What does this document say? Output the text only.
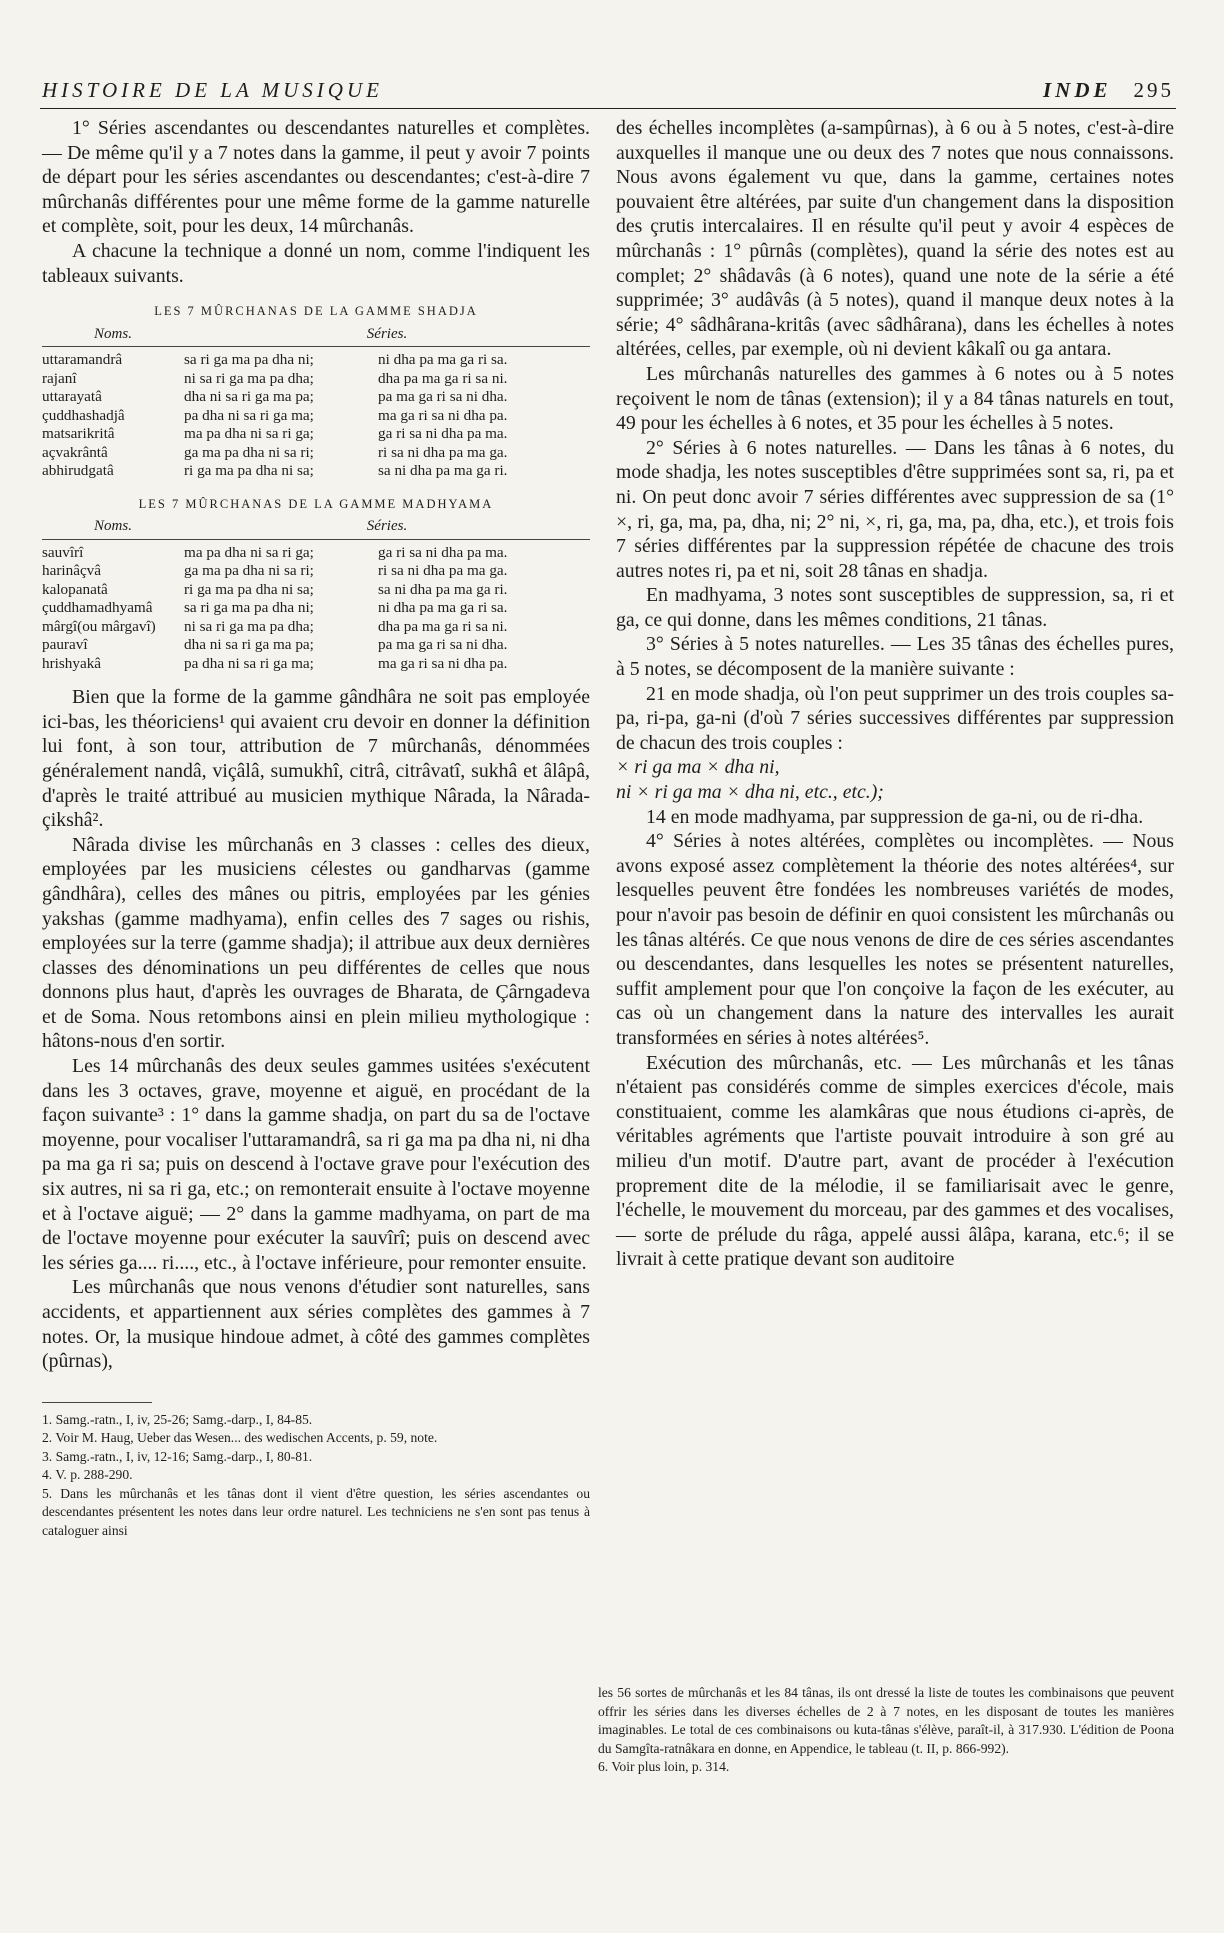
HISTOIRE DE LA MUSIQUE	INDE 295

1° Séries ascendantes ou descendantes naturelles et complètes. — De même qu'il y a 7 notes dans la gamme, il peut y avoir 7 points de départ pour les séries ascendantes ou descendantes; c'est-à-dire 7 mûrchanâs différentes pour une même forme de la gamme naturelle et complète, soit, pour les deux, 14 mûrchanâs.

A chacune la technique a donné un nom, comme l'indiquent les tableaux suivants.

LES 7 MÛRCHANAS DE LA GAMME SHADJA
Noms.	Séries.
uttaramandrâ	sa ri ga ma pa dha ni;	ni dha pa ma ga ri sa.
rajanî	ni sa ri ga ma pa dha;	dha pa ma ga ri sa ni.
uttarayatâ	dha ni sa ri ga ma pa;	pa ma ga ri sa ni dha.
çuddhashadjâ	pa dha ni sa ri ga ma;	ma ga ri sa ni dha pa.
matsarikritâ	ma pa dha ni sa ri ga;	ga ri sa ni dha pa ma.
açvakrântâ	ga ma pa dha ni sa ri;	ri sa ni dha pa ma ga.
abhirudgatâ	ri ga ma pa dha ni sa;	sa ni dha pa ma ga ri.
LES 7 MÛRCHANAS DE LA GAMME MADHYAMA
Noms.	Séries.
sauvîrî	ma pa dha ni sa ri ga;	ga ri sa ni dha pa ma.
harinâçvâ	ga ma pa dha ni sa ri;	ri sa ni dha pa ma ga.
kalopanatâ	ri ga ma pa dha ni sa;	sa ni dha pa ma ga ri.
çuddhamadhyamâ	sa ri ga ma pa dha ni;	ni dha pa ma ga ri sa.
mârgî(ou mârgavî)	ni sa ri ga ma pa dha;	dha pa ma ga ri sa ni.
pauravî	dha ni sa ri ga ma pa;	pa ma ga ri sa ni dha.
hrishyakâ	pa dha ni sa ri ga ma;	ma ga ri sa ni dha pa.

Bien que la forme de la gamme gândhâra ne soit pas employée ici-bas, les théoriciens¹ qui avaient cru devoir en donner la définition lui font, à son tour, attribution de 7 mûrchanâs, dénommées généralement nandâ, viçâlâ, sumukhî, citrâ, citrâvatî, sukhâ et âlâpâ, d'après le traité attribué au musicien mythique Nârada, la Nârada-çikshâ².

Nârada divise les mûrchanâs en 3 classes : celles des dieux, employées par les musiciens célestes ou gandharvas (gamme gândhâra), celles des mânes ou pitris, employées par les génies yakshas (gamme madhyama), enfin celles des 7 sages ou rishis, employées sur la terre (gamme shadja); il attribue aux deux dernières classes des dénominations un peu différentes de celles que nous donnons plus haut, d'après les ouvrages de Bharata, de Çârngadeva et de Soma. Nous retombons ainsi en plein milieu mythologique : hâtons-nous d'en sortir.

Les 14 mûrchanâs des deux seules gammes usitées s'exécutent dans les 3 octaves, grave, moyenne et aiguë, en procédant de la façon suivante³ : 1° dans la gamme shadja, on part du sa de l'octave moyenne, pour vocaliser l'uttaramandrâ, sa ri ga ma pa dha ni, ni dha pa ma ga ri sa; puis on descend à l'octave grave pour l'exécution des six autres, ni sa ri ga, etc.; on remonterait ensuite à l'octave moyenne et à l'octave aiguë; — 2° dans la gamme madhyama, on part de ma de l'octave moyenne pour exécuter la sauvîrî; puis on descend avec les séries ga.... ri...., etc., à l'octave inférieure, pour remonter ensuite.

Les mûrchanâs que nous venons d'étudier sont naturelles, sans accidents, et appartiennent aux séries complètes des gammes à 7 notes. Or, la musique hindoue admet, à côté des gammes complètes (pûrnas),

1. Samg.-ratn., I, iv, 25-26; Samg.-darp., I, 84-85.

2. Voir M. Haug, Ueber das Wesen... des wedischen Accents, p. 59, note.

3. Samg.-ratn., I, iv, 12-16; Samg.-darp., I, 80-81.

4. V. p. 288-290.

5. Dans les mûrchanâs et les tânas dont il vient d'être question, les séries ascendantes ou descendantes présentent les notes dans leur ordre naturel. Les techniciens ne s'en sont pas tenus à cataloguer ainsi

des échelles incomplètes (a-sampûrnas), à 6 ou à 5 notes, c'est-à-dire auxquelles il manque une ou deux des 7 notes que nous connaissons. Nous avons également vu que, dans la gamme, certaines notes pouvaient être altérées, par suite d'un changement dans la disposition des çrutis intercalaires. Il en résulte qu'il peut y avoir 4 espèces de mûrchanâs : 1° pûrnâs (complètes), quand la série des notes est au complet; 2° shâdavâs (à 6 notes), quand une note de la série a été supprimée; 3° audâvâs (à 5 notes), quand il manque deux notes à la série; 4° sâdhârana-kritâs (avec sâdhârana), dans les échelles à notes altérées, celles, par exemple, où ni devient kâkalî ou ga antara.

Les mûrchanâs naturelles des gammes à 6 notes ou à 5 notes reçoivent le nom de tânas (extension); il y a 84 tânas naturels en tout, 49 pour les échelles à 6 notes, et 35 pour les échelles à 5 notes.

2° Séries à 6 notes naturelles. — Dans les tânas à 6 notes, du mode shadja, les notes susceptibles d'être supprimées sont sa, ri, pa et ni. On peut donc avoir 7 séries différentes avec suppression de sa (1° ×, ri, ga, ma, pa, dha, ni; 2° ni, ×, ri, ga, ma, pa, dha, etc.), et trois fois 7 séries différentes par la suppression répétée de chacune des trois autres notes ri, pa et ni, soit 28 tânas en shadja.

En madhyama, 3 notes sont susceptibles de suppression, sa, ri et ga, ce qui donne, dans les mêmes conditions, 21 tânas.

3° Séries à 5 notes naturelles. — Les 35 tânas des échelles pures, à 5 notes, se décomposent de la manière suivante :

21 en mode shadja, où l'on peut supprimer un des trois couples sa-pa, ri-pa, ga-ni (d'où 7 séries successives différentes par suppression de chacun des trois couples :

× ri ga ma × dha ni,

ni × ri ga ma × dha ni, etc., etc.);

14 en mode madhyama, par suppression de ga-ni, ou de ri-dha.

4° Séries à notes altérées, complètes ou incomplètes. — Nous avons exposé assez complètement la théorie des notes altérées⁴, sur lesquelles peuvent être fondées les nombreuses variétés de modes, pour n'avoir pas besoin de définir en quoi consistent les mûrchanâs ou les tânas altérés. Ce que nous venons de dire de ces séries ascendantes ou descendantes, dans lesquelles les notes se présentent naturelles, suffit amplement pour que l'on conçoive la façon de les exécuter, au cas où un changement dans la nature des intervalles les aurait transformées en séries à notes altérées⁵.

Exécution des mûrchanâs, etc. — Les mûrchanâs et les tânas n'étaient pas considérés comme de simples exercices d'école, mais constituaient, comme les alamkâras que nous étudions ci-après, de véritables agréments que l'artiste pouvait introduire à son gré au milieu d'un motif. D'autre part, avant de procéder à l'exécution proprement dite de la mélodie, il se familiarisait avec le genre, l'échelle, le mouvement du morceau, par des gammes et des vocalises, — sorte de prélude du râga, appelé aussi âlâpa, karana, etc.⁶; il se livrait à cette pratique devant son auditoire

les 56 sortes de mûrchanâs et les 84 tânas, ils ont dressé la liste de toutes les combinaisons que peuvent offrir les séries dans les diverses échelles de 2 à 7 notes, en les disposant de toutes les manières imaginables. Le total de ces combinaisons ou kuta-tânas s'élève, paraît-il, à 317.930. L'édition de Poona du Samgîta-ratnâkara en donne, en Appendice, le tableau (t. II, p. 866-992).

6. Voir plus loin, p. 314.
